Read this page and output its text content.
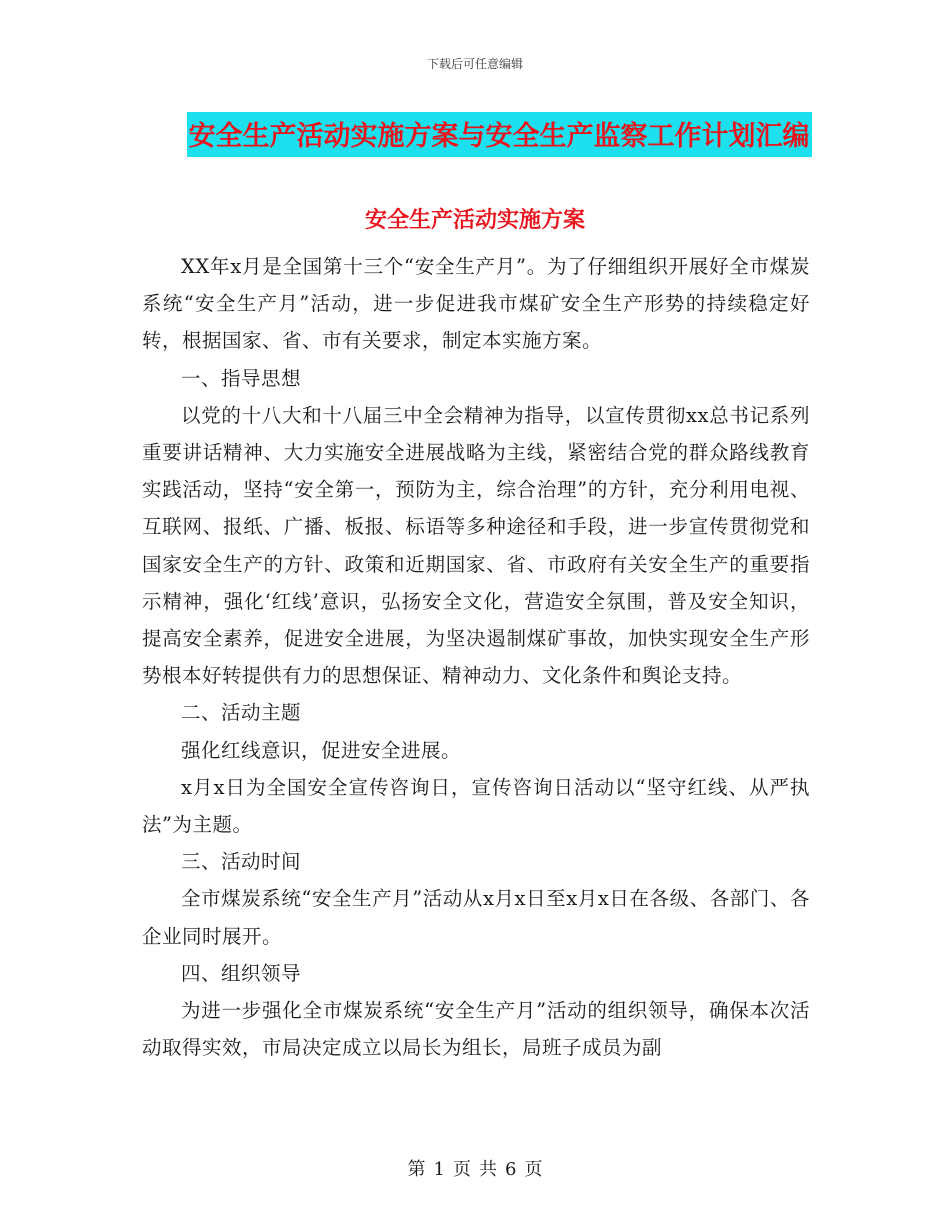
下载后可任意编辑
安全生产活动实施方案与安全生产监察工作计划汇编
安全生产活动实施方案

XX年x月是全国第十三个“安全生产月”。为了仔细组织开展好全市煤炭系统“安全生产月”活动，进一步促进我市煤矿安全生产形势的持续稳定好转，根据国家、省、市有关要求，制定本实施方案。

一、指导思想

以党的十八大和十八届三中全会精神为指导，以宣传贯彻xx总书记系列重要讲话精神、大力实施安全进展战略为主线，紧密结合党的群众路线教育实践活动，坚持“安全第一，预防为主，综合治理”的方针，充分利用电视、互联网、报纸、广播、板报、标语等多种途径和手段，进一步宣传贯彻党和国家安全生产的方针、政策和近期国家、省、市政府有关安全生产的重要指示精神，强化‘红线’意识，弘扬安全文化，营造安全氛围，普及安全知识，提高安全素养，促进安全进展，为坚决遏制煤矿事故，加快实现安全生产形势根本好转提供有力的思想保证、精神动力、文化条件和舆论支持。

二、活动主题

强化红线意识，促进安全进展。

x月x日为全国安全宣传咨询日，宣传咨询日活动以“坚守红线、从严执法”为主题。

三、活动时间

全市煤炭系统“安全生产月”活动从x月x日至x月x日在各级、各部门、各企业同时展开。

四、组织领导

为进一步强化全市煤炭系统“安全生产月”活动的组织领导，确保本次活动取得实效，市局决定成立以局长为组长，局班子成员为副

第 1 页 共 6 页
